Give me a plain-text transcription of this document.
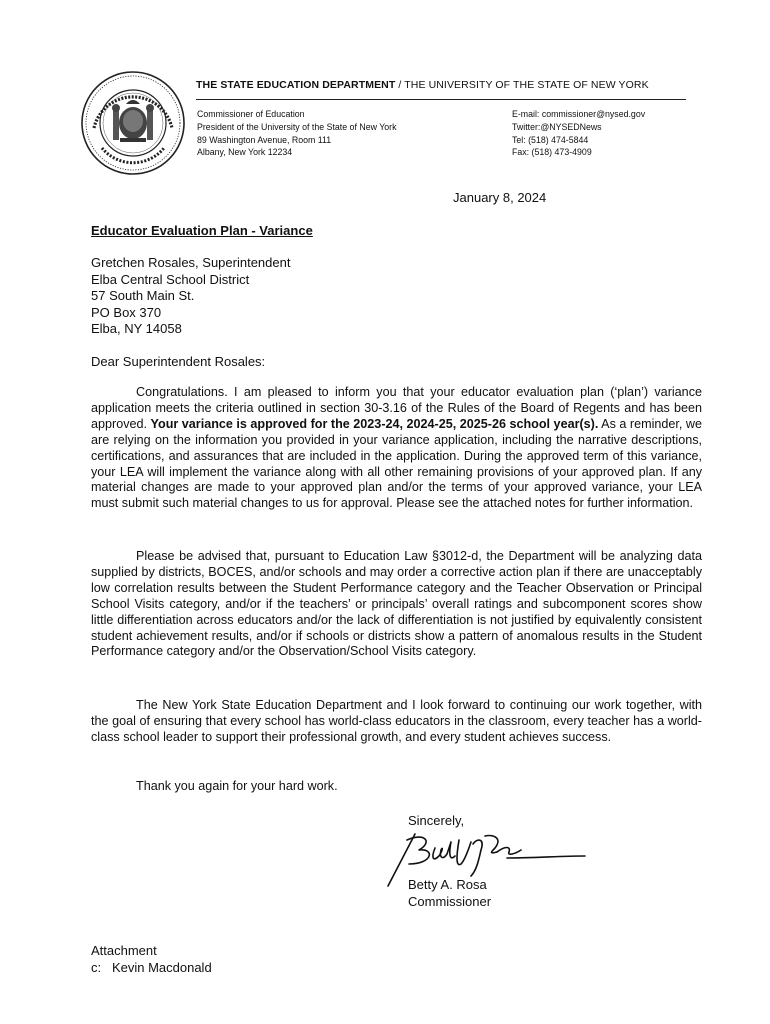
THE STATE EDUCATION DEPARTMENT / THE UNIVERSITY OF THE STATE OF NEW YORK
Commissioner of Education
President of the University of the State of New York
89 Washington Avenue, Room 111
Albany, New York 12234
E-mail: commissioner@nysed.gov
Twitter:@NYSEDNews
Tel: (518) 474-5844
Fax: (518) 473-4909
January 8, 2024
Educator Evaluation Plan - Variance
Gretchen Rosales, Superintendent
Elba Central School District
57 South Main St.
PO Box 370
Elba, NY 14058
Dear Superintendent Rosales:

Congratulations. I am pleased to inform you that your educator evaluation plan (‘plan’) variance application meets the criteria outlined in section 30-3.16 of the Rules of the Board of Regents and has been approved. Your variance is approved for the 2023-24, 2024-25, 2025-26 school year(s). As a reminder, we are relying on the information you provided in your variance application, including the narrative descriptions, certifications, and assurances that are included in the application. During the approved term of this variance, your LEA will implement the variance along with all other remaining provisions of your approved plan. If any material changes are made to your approved plan and/or the terms of your approved variance, your LEA must submit such material changes to us for approval. Please see the attached notes for further information.

Please be advised that, pursuant to Education Law §3012-d, the Department will be analyzing data supplied by districts, BOCES, and/or schools and may order a corrective action plan if there are unacceptably low correlation results between the Student Performance category and the Teacher Observation or Principal School Visits category, and/or if the teachers’ or principals’ overall ratings and subcomponent scores show little differentiation across educators and/or the lack of differentiation is not justified by equivalently consistent student achievement results, and/or if schools or districts show a pattern of anomalous results in the Student Performance category and/or the Observation/School Visits category.

The New York State Education Department and I look forward to continuing our work together, with the goal of ensuring that every school has world-class educators in the classroom, every teacher has a world-class school leader to support their professional growth, and every student achieves success.

Thank you again for your hard work.

Sincerely,
Betty A. Rosa
Commissioner
Attachment
c:   Kevin Macdonald
